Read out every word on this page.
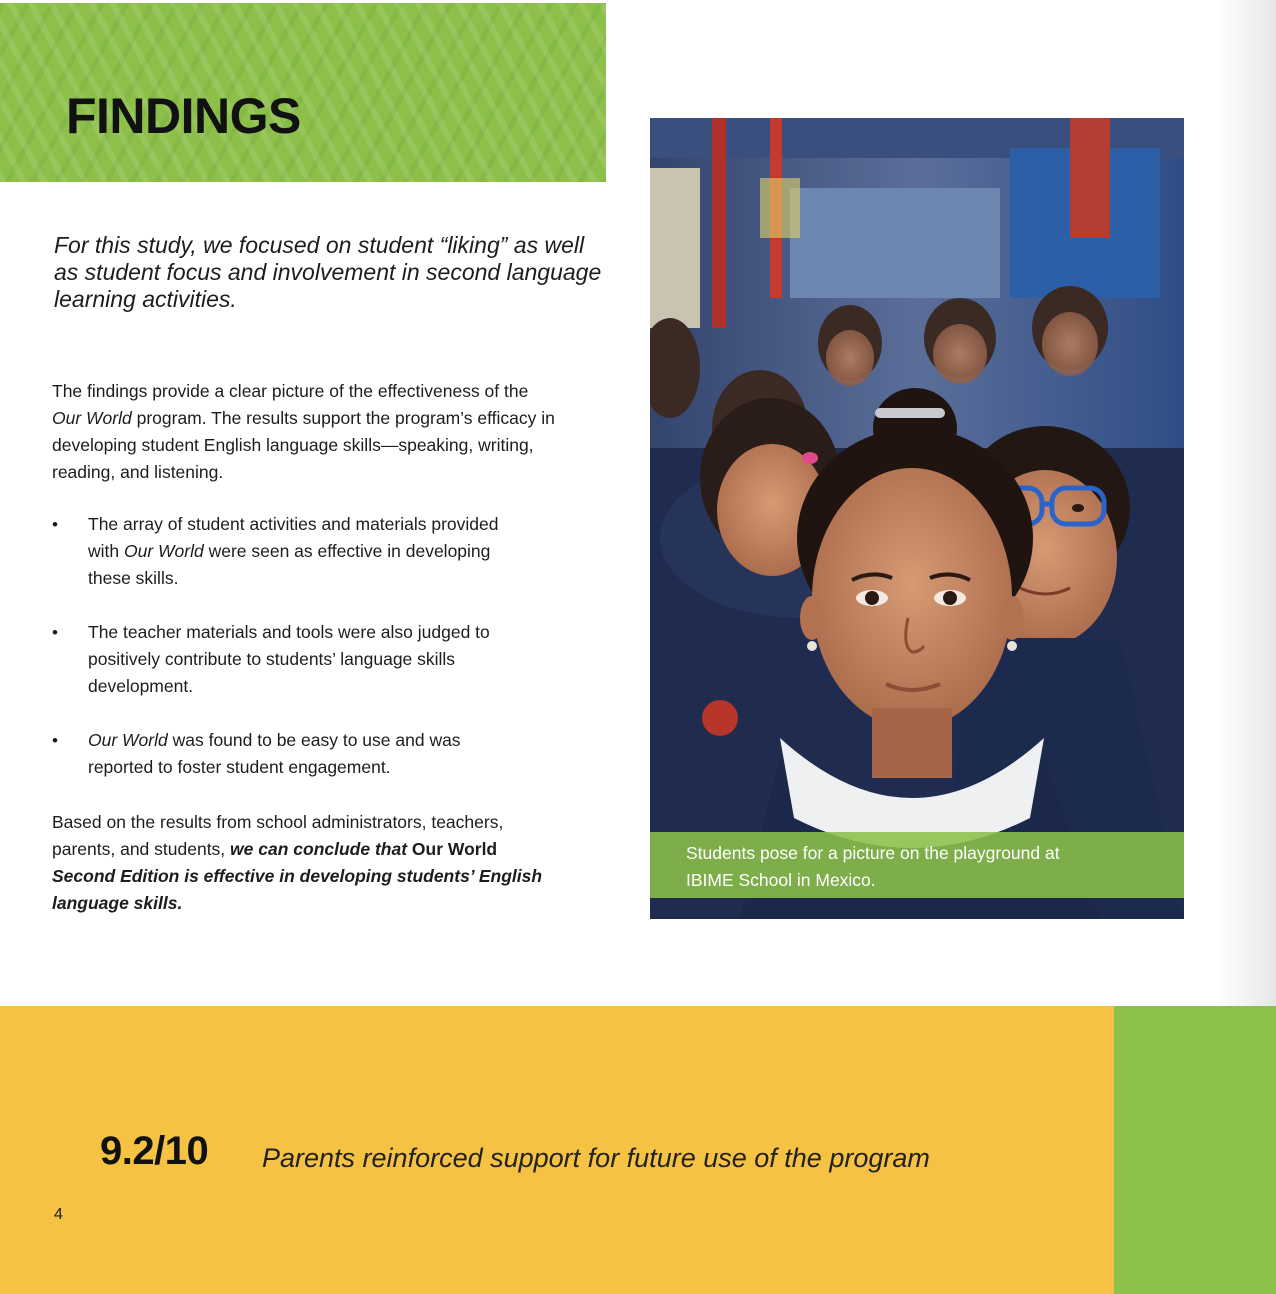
FINDINGS

For this study, we focused on student “liking” as well as student focus and involvement in second language learning activities.

The findings provide a clear picture of the effectiveness of the Our World program. The results support the program’s efficacy in developing student English language skills—speaking, writing, reading, and listening.

• The array of student activities and materials provided with Our World were seen as effective in developing these skills.
• The teacher materials and tools were also judged to positively contribute to students’ language skills development.
• Our World was found to be easy to use and was reported to foster student engagement.

Based on the results from school administrators, teachers, parents, and students, we can conclude that Our World Second Edition is effective in developing students’ English language skills.

Students pose for a picture on the playground at IBIME School in Mexico.

9.2/10 Parents reinforced support for future use of the program

4
